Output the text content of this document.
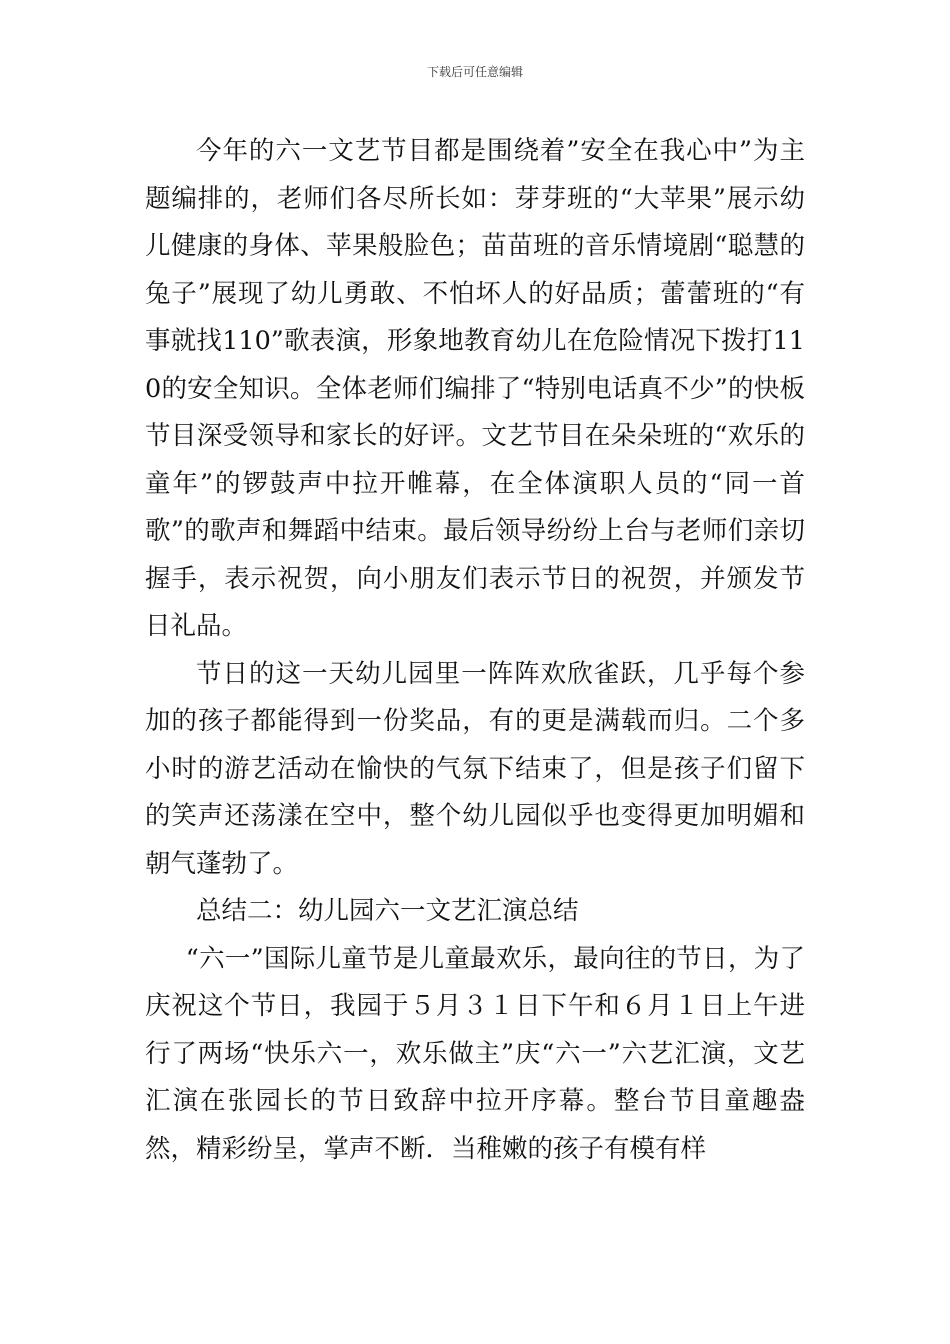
下载后可任意编辑

今年的六一文艺节目都是围绕着”安全在我心中”为主题编排的，老师们各尽所长如：芽芽班的“大苹果”展示幼儿健康的身体、苹果般脸色；苗苗班的音乐情境剧“聪慧的兔子”展现了幼儿勇敢、不怕坏人的好品质；蕾蕾班的“有事就找110”歌表演，形象地教育幼儿在危险情况下拨打110的安全知识。全体老师们编排了“特别电话真不少”的快板节目深受领导和家长的好评。文艺节目在朵朵班的“欢乐的童年”的锣鼓声中拉开帷幕，在全体演职人员的“同一首歌”的歌声和舞蹈中结束。最后领导纷纷上台与老师们亲切握手，表示祝贺，向小朋友们表示节日的祝贺，并颁发节日礼品。

节日的这一天幼儿园里一阵阵欢欣雀跃，几乎每个参加的孩子都能得到一份奖品，有的更是满载而归。二个多小时的游艺活动在愉快的气氛下结束了，但是孩子们留下的笑声还荡漾在空中，整个幼儿园似乎也变得更加明媚和朝气蓬勃了。

总结二：幼儿园六一文艺汇演总结

“六一”国际儿童节是儿童最欢乐，最向往的节日，为了庆祝这个节日，我园于５月３１日下午和６月１日上午进行了两场“快乐六一，欢乐做主”庆“六一”六艺汇演，文艺汇演在张园长的节日致辞中拉开序幕。整台节目童趣盎然，精彩纷呈，掌声不断．当稚嫩的孩子有模有样
